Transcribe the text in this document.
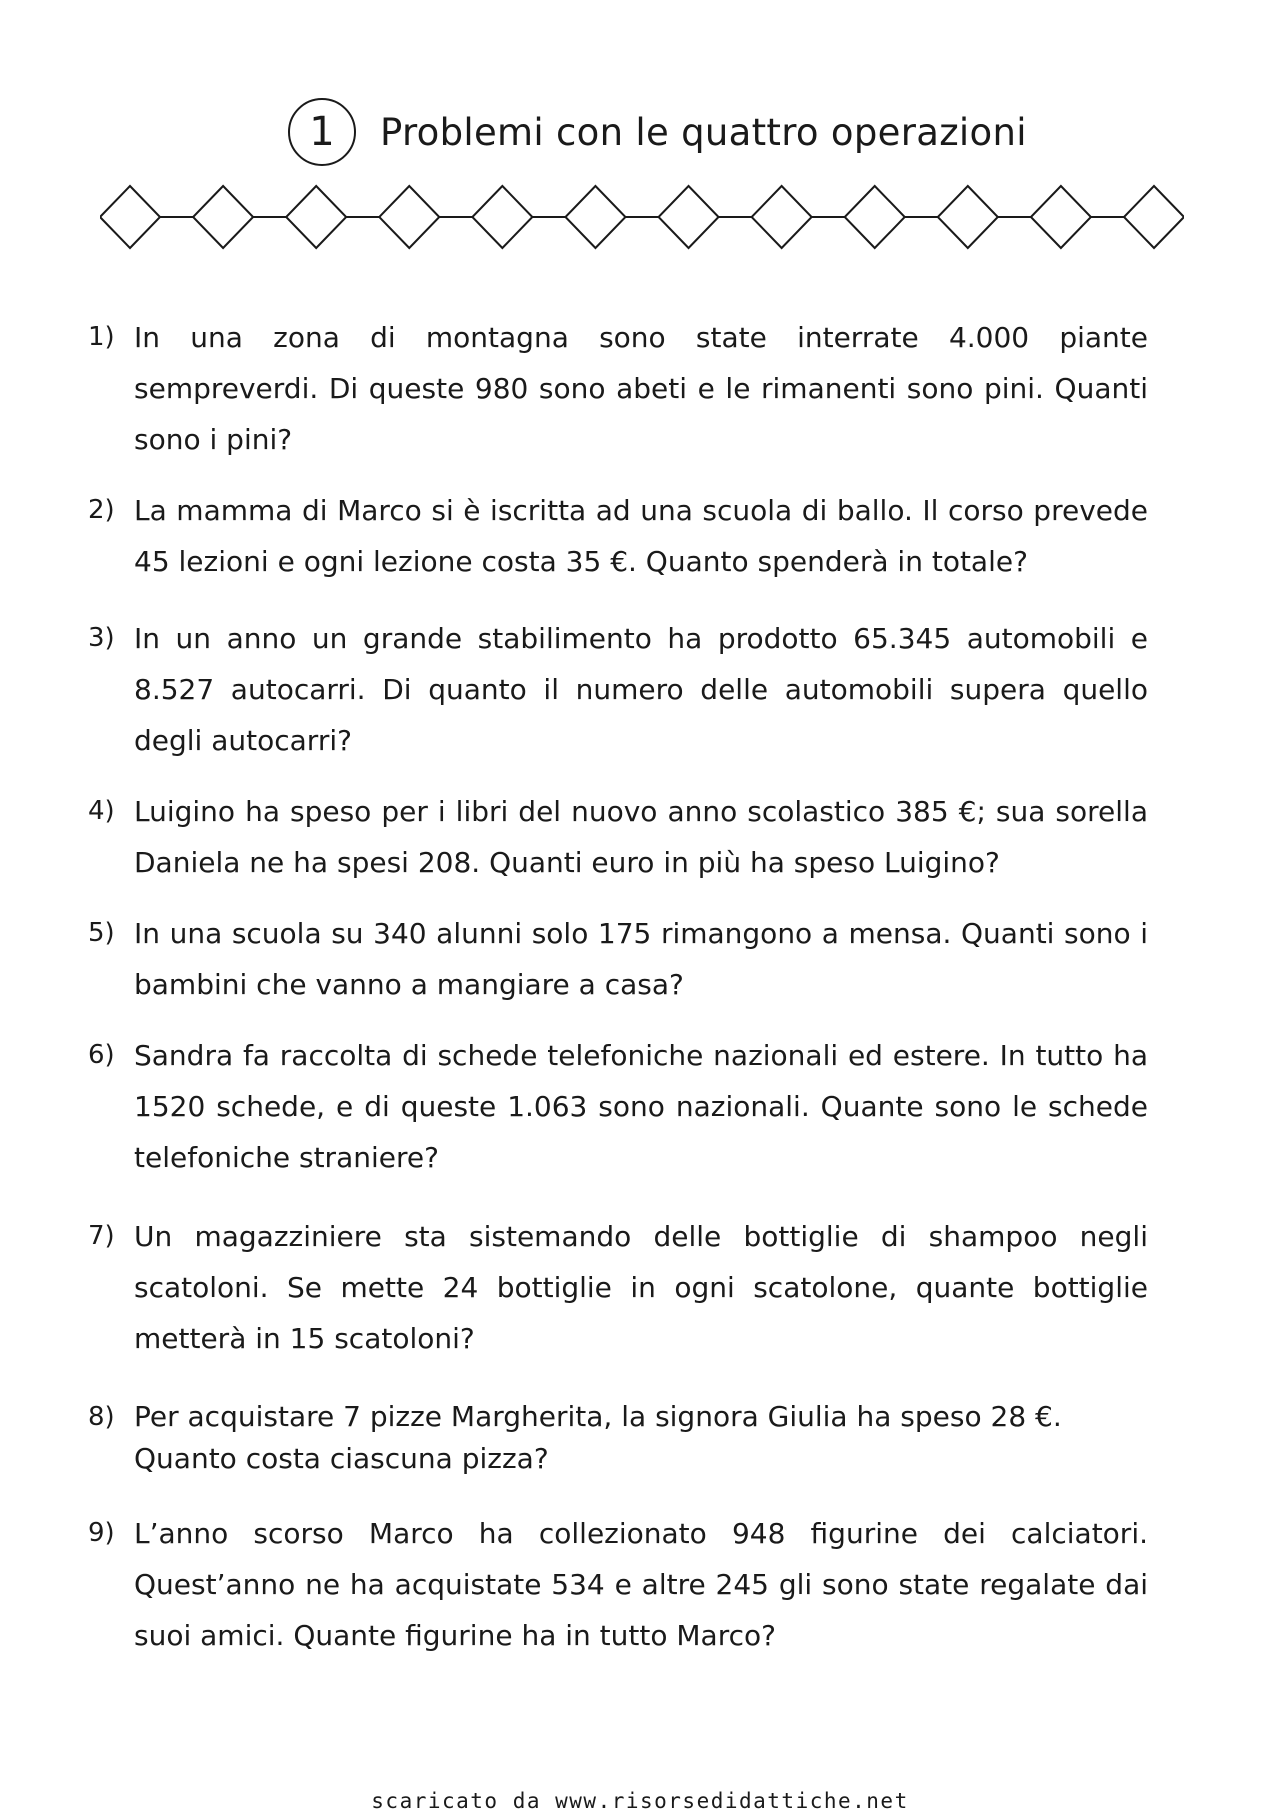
1 Problemi con le quattro operazioni
1) In una zona di montagna sono state interrate 4.000 piante sempreverdi. Di queste 980 sono abeti e le rimanenti sono pini. Quanti sono i pini?
2) La mamma di Marco si è iscritta ad una scuola di ballo. Il corso prevede 45 lezioni e ogni lezione costa 35 €. Quanto spenderà in totale?
3) In un anno un grande stabilimento ha prodotto 65.345 automobili e 8.527 autocarri. Di quanto il numero delle automobili supera quello degli autocarri?
4) Luigino ha speso per i libri del nuovo anno scolastico 385 €; sua sorella Daniela ne ha spesi 208. Quanti euro in più ha speso Luigino?
5) In una scuola su 340 alunni solo 175 rimangono a mensa. Quanti sono i bambini che vanno a mangiare a casa?
6) Sandra fa raccolta di schede telefoniche nazionali ed estere. In tutto ha 1520 schede, e di queste 1.063 sono nazionali. Quante sono le schede telefoniche straniere?
7) Un magazziniere sta sistemando delle bottiglie di shampoo negli scatoloni. Se mette 24 bottiglie in ogni scatolone, quante bottiglie metterà in 15 scatoloni?
8) Per acquistare 7 pizze Margherita, la signora Giulia ha speso 28 €.
Quanto costa ciascuna pizza?
9) L’anno scorso Marco ha collezionato 948 figurine dei calciatori. Quest’anno ne ha acquistate 534 e altre 245 gli sono state regalate dai suoi amici. Quante figurine ha in tutto Marco?
scaricato da www.risorsedidattiche.net
